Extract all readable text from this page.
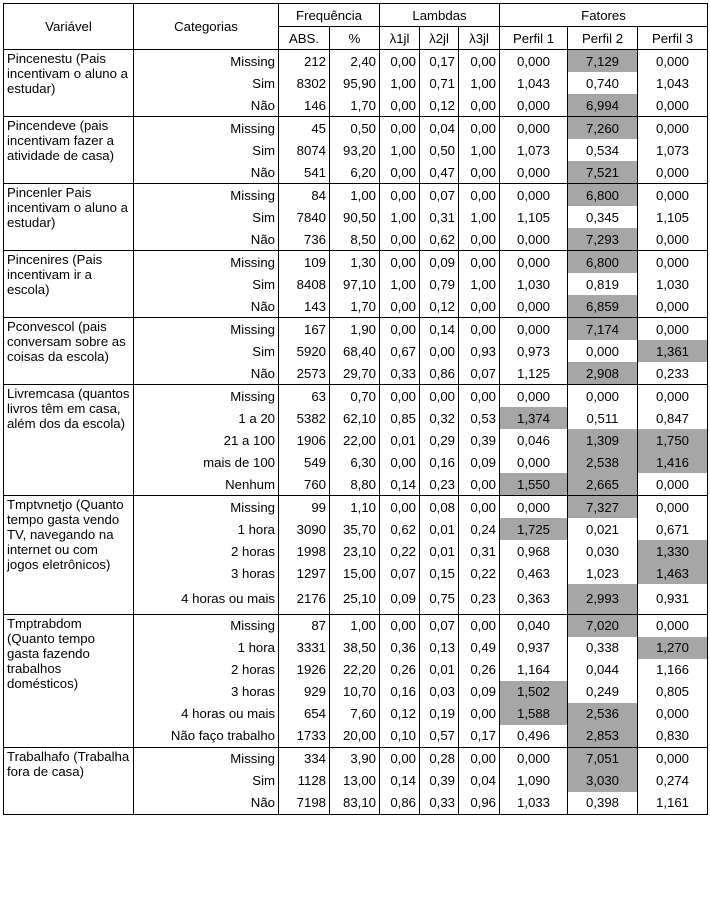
Variável	Categorias	Frequência		Lambdas			Fatores		
		ABS.	%	λ1jl	λ2jl	λ3jl	Perfil 1	Perfil 2	Perfil 3
Pincenestu (Pais incentivam o aluno a estudar)	Missing	212	2,40	0,00	0,17	0,00	0,000	7,129	0,000
	Sim	8302	95,90	1,00	0,71	1,00	1,043	0,740	1,043
	Não	146	1,70	0,00	0,12	0,00	0,000	6,994	0,000
Pincendeve (pais incentivam fazer a atividade de casa)	Missing	45	0,50	0,00	0,04	0,00	0,000	7,260	0,000
	Sim	8074	93,20	1,00	0,50	1,00	1,073	0,534	1,073
	Não	541	6,20	0,00	0,47	0,00	0,000	7,521	0,000
Pincenler Pais incentivam o aluno a estudar)	Missing	84	1,00	0,00	0,07	0,00	0,000	6,800	0,000
	Sim	7840	90,50	1,00	0,31	1,00	1,105	0,345	1,105
	Não	736	8,50	0,00	0,62	0,00	0,000	7,293	0,000
Pincenires (Pais incentivam ir a escola)	Missing	109	1,30	0,00	0,09	0,00	0,000	6,800	0,000
	Sim	8408	97,10	1,00	0,79	1,00	1,030	0,819	1,030
	Não	143	1,70	0,00	0,12	0,00	0,000	6,859	0,000
Pconvescol (pais conversam sobre as coisas da escola)	Missing	167	1,90	0,00	0,14	0,00	0,000	7,174	0,000
	Sim	5920	68,40	0,67	0,00	0,93	0,973	0,000	1,361
	Não	2573	29,70	0,33	0,86	0,07	1,125	2,908	0,233
Livremcasa (quantos livros têm em casa, além dos da escola)	Missing	63	0,70	0,00	0,00	0,00	0,000	0,000	0,000
	1 a 20	5382	62,10	0,85	0,32	0,53	1,374	0,511	0,847
	21 a 100	1906	22,00	0,01	0,29	0,39	0,046	1,309	1,750
	mais de 100	549	6,30	0,00	0,16	0,09	0,000	2,538	1,416
	Nenhum	760	8,80	0,14	0,23	0,00	1,550	2,665	0,000
Tmptvnetjo (Quanto tempo gasta vendo TV, navegando na internet ou com jogos eletrônicos)	Missing	99	1,10	0,00	0,08	0,00	0,000	7,327	0,000
	1 hora	3090	35,70	0,62	0,01	0,24	1,725	0,021	0,671
	2 horas	1998	23,10	0,22	0,01	0,31	0,968	0,030	1,330
	3 horas	1297	15,00	0,07	0,15	0,22	0,463	1,023	1,463
	4 horas ou mais	2176	25,10	0,09	0,75	0,23	0,363	2,993	0,931
Tmptrabdom (Quanto tempo gasta fazendo trabalhos domésticos)	Missing	87	1,00	0,00	0,07	0,00	0,040	7,020	0,000
	1 hora	3331	38,50	0,36	0,13	0,49	0,937	0,338	1,270
	2 horas	1926	22,20	0,26	0,01	0,26	1,164	0,044	1,166
	3 horas	929	10,70	0,16	0,03	0,09	1,502	0,249	0,805
	4 horas ou mais	654	7,60	0,12	0,19	0,00	1,588	2,536	0,000
	Não faço trabalho	1733	20,00	0,10	0,57	0,17	0,496	2,853	0,830
Trabalhafo (Trabalha fora de casa)	Missing	334	3,90	0,00	0,28	0,00	0,000	7,051	0,000
	Sim	1128	13,00	0,14	0,39	0,04	1,090	3,030	0,274
	Não	7198	83,10	0,86	0,33	0,96	1,033	0,398	1,161
